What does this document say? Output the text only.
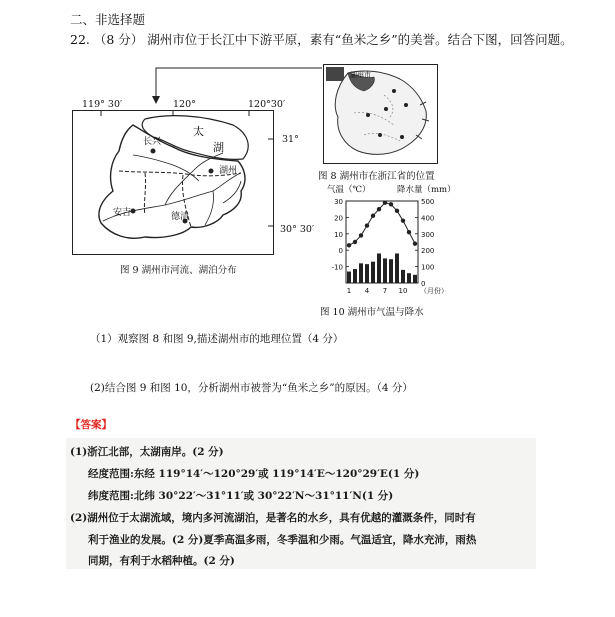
二、非选择题
22. （8 分） 湖州市位于长江中下游平原，素有“鱼米之乡”的美誉。结合下图，回答问题。
119° 30′	120°	120°30′
31°
30° 30′
太
湖
长兴
湖州
安吉	德清
图 9 湖州市河流、湖泊分布
湖州市
图 8 湖州市在浙江省的位置
气温（℃）	降水量（mm）
30
20
10
0
-10
500
400
300
200
100
0
1 4 7 10 （月份）
图 10 湖州市气温与降水
（1）观察图 8 和图 9,描述湖州市的地理位置（4 分）
(2)结合图 9 和图 10，分析湖州市被誉为“鱼米之乡”的原因。（4 分）
【答案】
(1)浙江北部，太湖南岸。(2 分)
经度范围:东经 119°14′～120°29′或 119°14′E～120°29′E(1 分)
纬度范围:北纬 30°22′～31°11′或 30°22′N～31°11′N(1 分)
(2)湖州位于太湖流域，境内多河流湖泊，是著名的水乡，具有优越的灌溉条件，同时有
利于渔业的发展。(2 分)夏季高温多雨，冬季温和少雨。气温适宜，降水充沛，雨热
同期，有利于水稻种植。(2 分)
